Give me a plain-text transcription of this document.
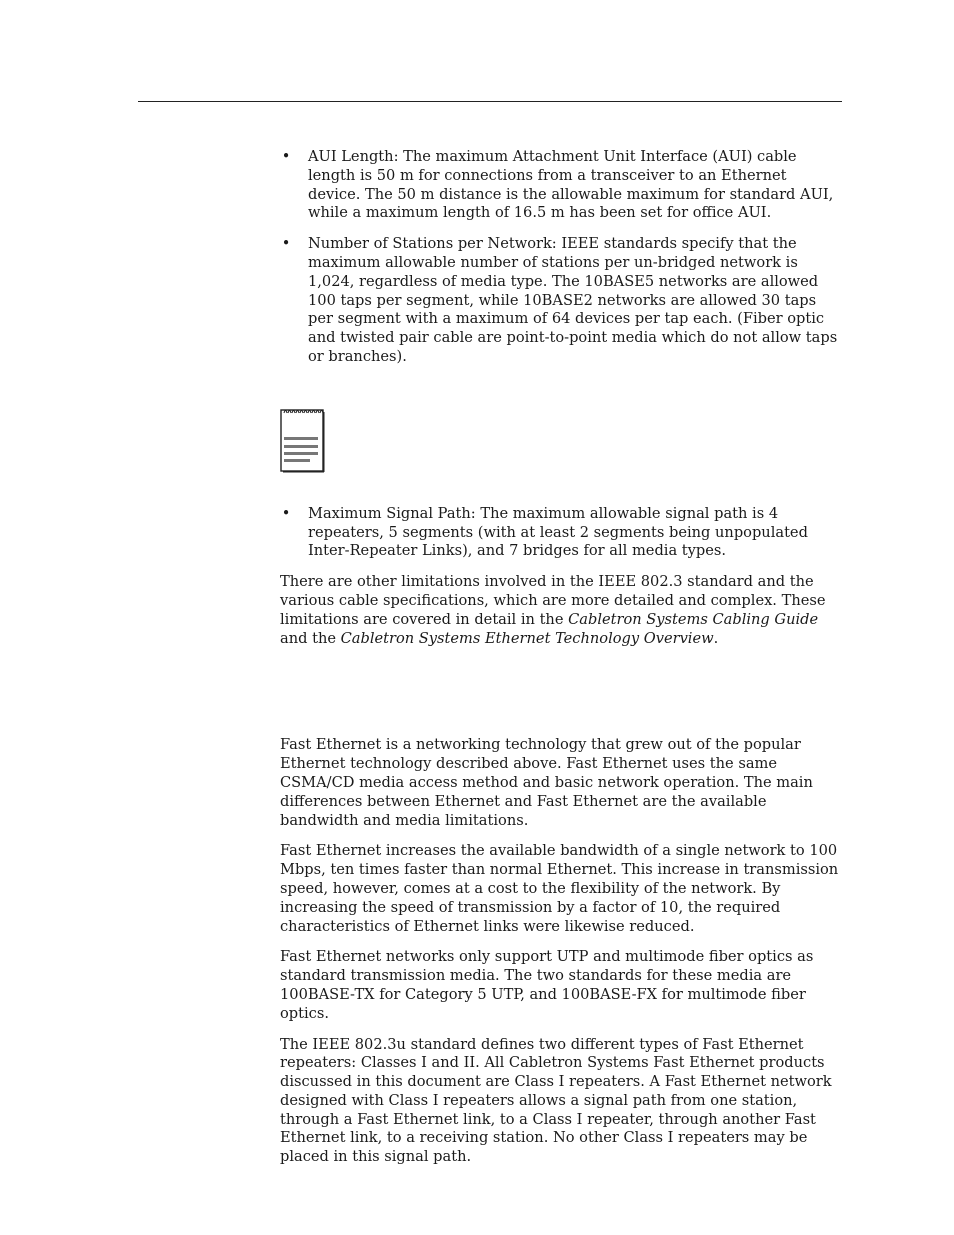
• AUI Length: The maximum Attachment Unit Interface (AUI) cable length is 50 m for connections from a transceiver to an Ethernet device. The 50 m distance is the allowable maximum for standard AUI, while a maximum length of 16.5 m has been set for office AUI.
• Number of Stations per Network: IEEE standards specify that the maximum allowable number of stations per un-bridged network is 1,024, regardless of media type. The 10BASE5 networks are allowed 100 taps per segment, while 10BASE2 networks are allowed 30 taps per segment with a maximum of 64 devices per tap each. (Fiber optic and twisted pair cable are point-to-point media which do not allow taps or branches).
• Maximum Signal Path: The maximum allowable signal path is 4 repeaters, 5 segments (with at least 2 segments being unpopulated Inter-Repeater Links), and 7 bridges for all media types.

There are other limitations involved in the IEEE 802.3 standard and the various cable specifications, which are more detailed and complex. These limitations are covered in detail in the Cabletron Systems Cabling Guide and the Cabletron Systems Ethernet Technology Overview.

Fast Ethernet is a networking technology that grew out of the popular Ethernet technology described above. Fast Ethernet uses the same CSMA/CD media access method and basic network operation. The main differences between Ethernet and Fast Ethernet are the available bandwidth and media limitations.

Fast Ethernet increases the available bandwidth of a single network to 100 Mbps, ten times faster than normal Ethernet. This increase in transmission speed, however, comes at a cost to the flexibility of the network. By increasing the speed of transmission by a factor of 10, the required characteristics of Ethernet links were likewise reduced.

Fast Ethernet networks only support UTP and multimode fiber optics as standard transmission media. The two standards for these media are 100BASE-TX for Category 5 UTP, and 100BASE-FX for multimode fiber optics.

The IEEE 802.3u standard defines two different types of Fast Ethernet repeaters: Classes I and II. All Cabletron Systems Fast Ethernet products discussed in this document are Class I repeaters. A Fast Ethernet network designed with Class I repeaters allows a signal path from one station, through a Fast Ethernet link, to a Class I repeater, through another Fast Ethernet link, to a receiving station. No other Class I repeaters may be placed in this signal path.
